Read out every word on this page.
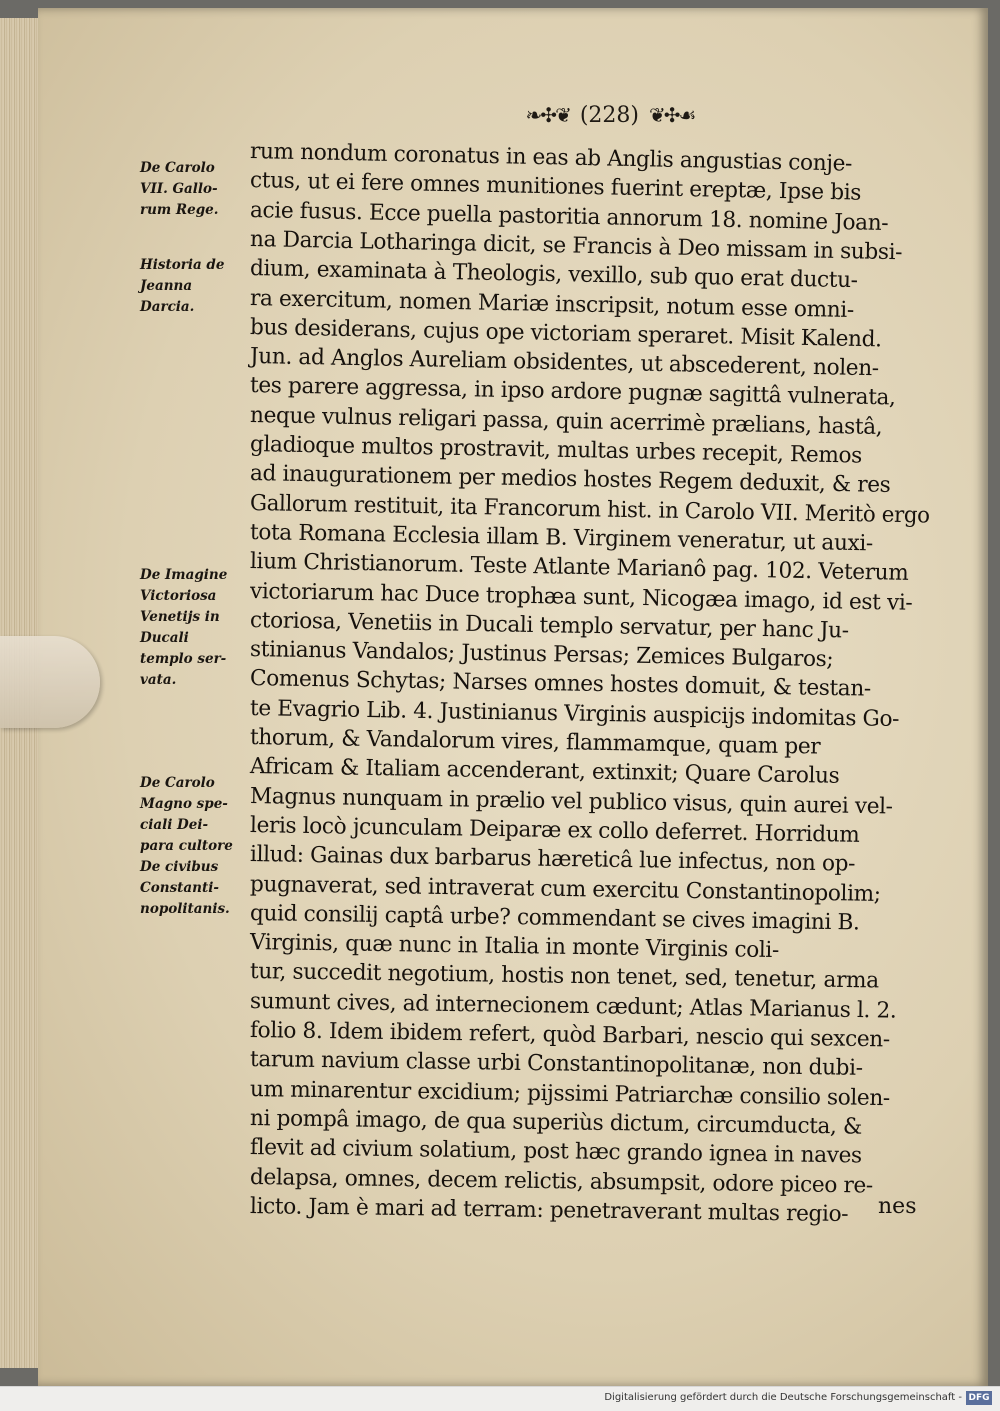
❧✣❦ (228) ❦✣☙
De Carolo
VII. Gallo-
rum Rege.
Historia de
Jeanna
Darcia.
De Imagine
Victoriosa
Venetijs in
Ducali
templo ser-
vata.
De Carolo
Magno spe-
ciali Dei-
para cultore
De civibus
Constanti-
nopolitanis.
rum nondum coronatus in eas ab Anglis angustias conje-
ctus, ut ei fere omnes munitiones fuerint ereptæ, Ipse bis
acie fusus. Ecce puella pastoritia annorum 18. nomine Joan-
na Darcia Lotharinga dicit, se Francis à Deo missam in subsi-
dium, examinata à Theologis, vexillo, sub quo erat ductu-
ra exercitum, nomen Mariæ inscripsit, notum esse omni-
bus desiderans, cujus ope victoriam speraret. Misit Kalend.
Jun. ad Anglos Aureliam obsidentes, ut abscederent, nolen-
tes parere aggressa, in ipso ardore pugnæ sagittâ vulnerata,
neque vulnus religari passa, quin acerrimè prælians, hastâ,
gladioque multos prostravit, multas urbes recepit, Remos
ad inaugurationem per medios hostes Regem deduxit, & res
Gallorum restituit, ita Francorum hist. in Carolo VII. Meritò ergo
tota Romana Ecclesia illam B. Virginem veneratur, ut auxi-
lium Christianorum. Teste Atlante Marianô pag. 102. Veterum
victoriarum hac Duce trophæa sunt, Nicogæa imago, id est vi-
ctoriosa, Venetiis in Ducali templo servatur, per hanc Ju-
stinianus Vandalos; Justinus Persas; Zemices Bulgaros;
Comenus Schytas; Narses omnes hostes domuit, & testan-
te Evagrio Lib. 4. Justinianus Virginis auspicijs indomitas Go-
thorum, & Vandalorum vires, flammamque, quam per
Africam & Italiam accenderant, extinxit; Quare Carolus
Magnus nunquam in prælio vel publico visus, quin aurei vel-
leris locò jcunculam Deiparæ ex collo deferret. Horridum
illud: Gainas dux barbarus hæreticâ lue infectus, non op-
pugnaverat, sed intraverat cum exercitu Constantinopolim;
quid consilij captâ urbe? commendant se cives imagini B.
Virginis, quæ nunc in Italia in monte Virginis coli-
tur, succedit negotium, hostis non tenet, sed, tenetur, arma
sumunt cives, ad internecionem cædunt; Atlas Marianus l. 2.
folio 8. Idem ibidem refert, quòd Barbari, nescio qui sexcen-
tarum navium classe urbi Constantinopolitanæ, non dubi-
um minarentur excidium; pijssimi Patriarchæ consilio solen-
ni pompâ imago, de qua superiùs dictum, circumducta, &
flevit ad civium solatium, post hæc grando ignea in naves
delapsa, omnes, decem relictis, absumpsit, odore piceo re-
licto. Jam è mari ad terram: penetraverant multas regio-	nes
Digitalisierung gefördert durch die Deutsche Forschungsgemeinschaft - DFG
